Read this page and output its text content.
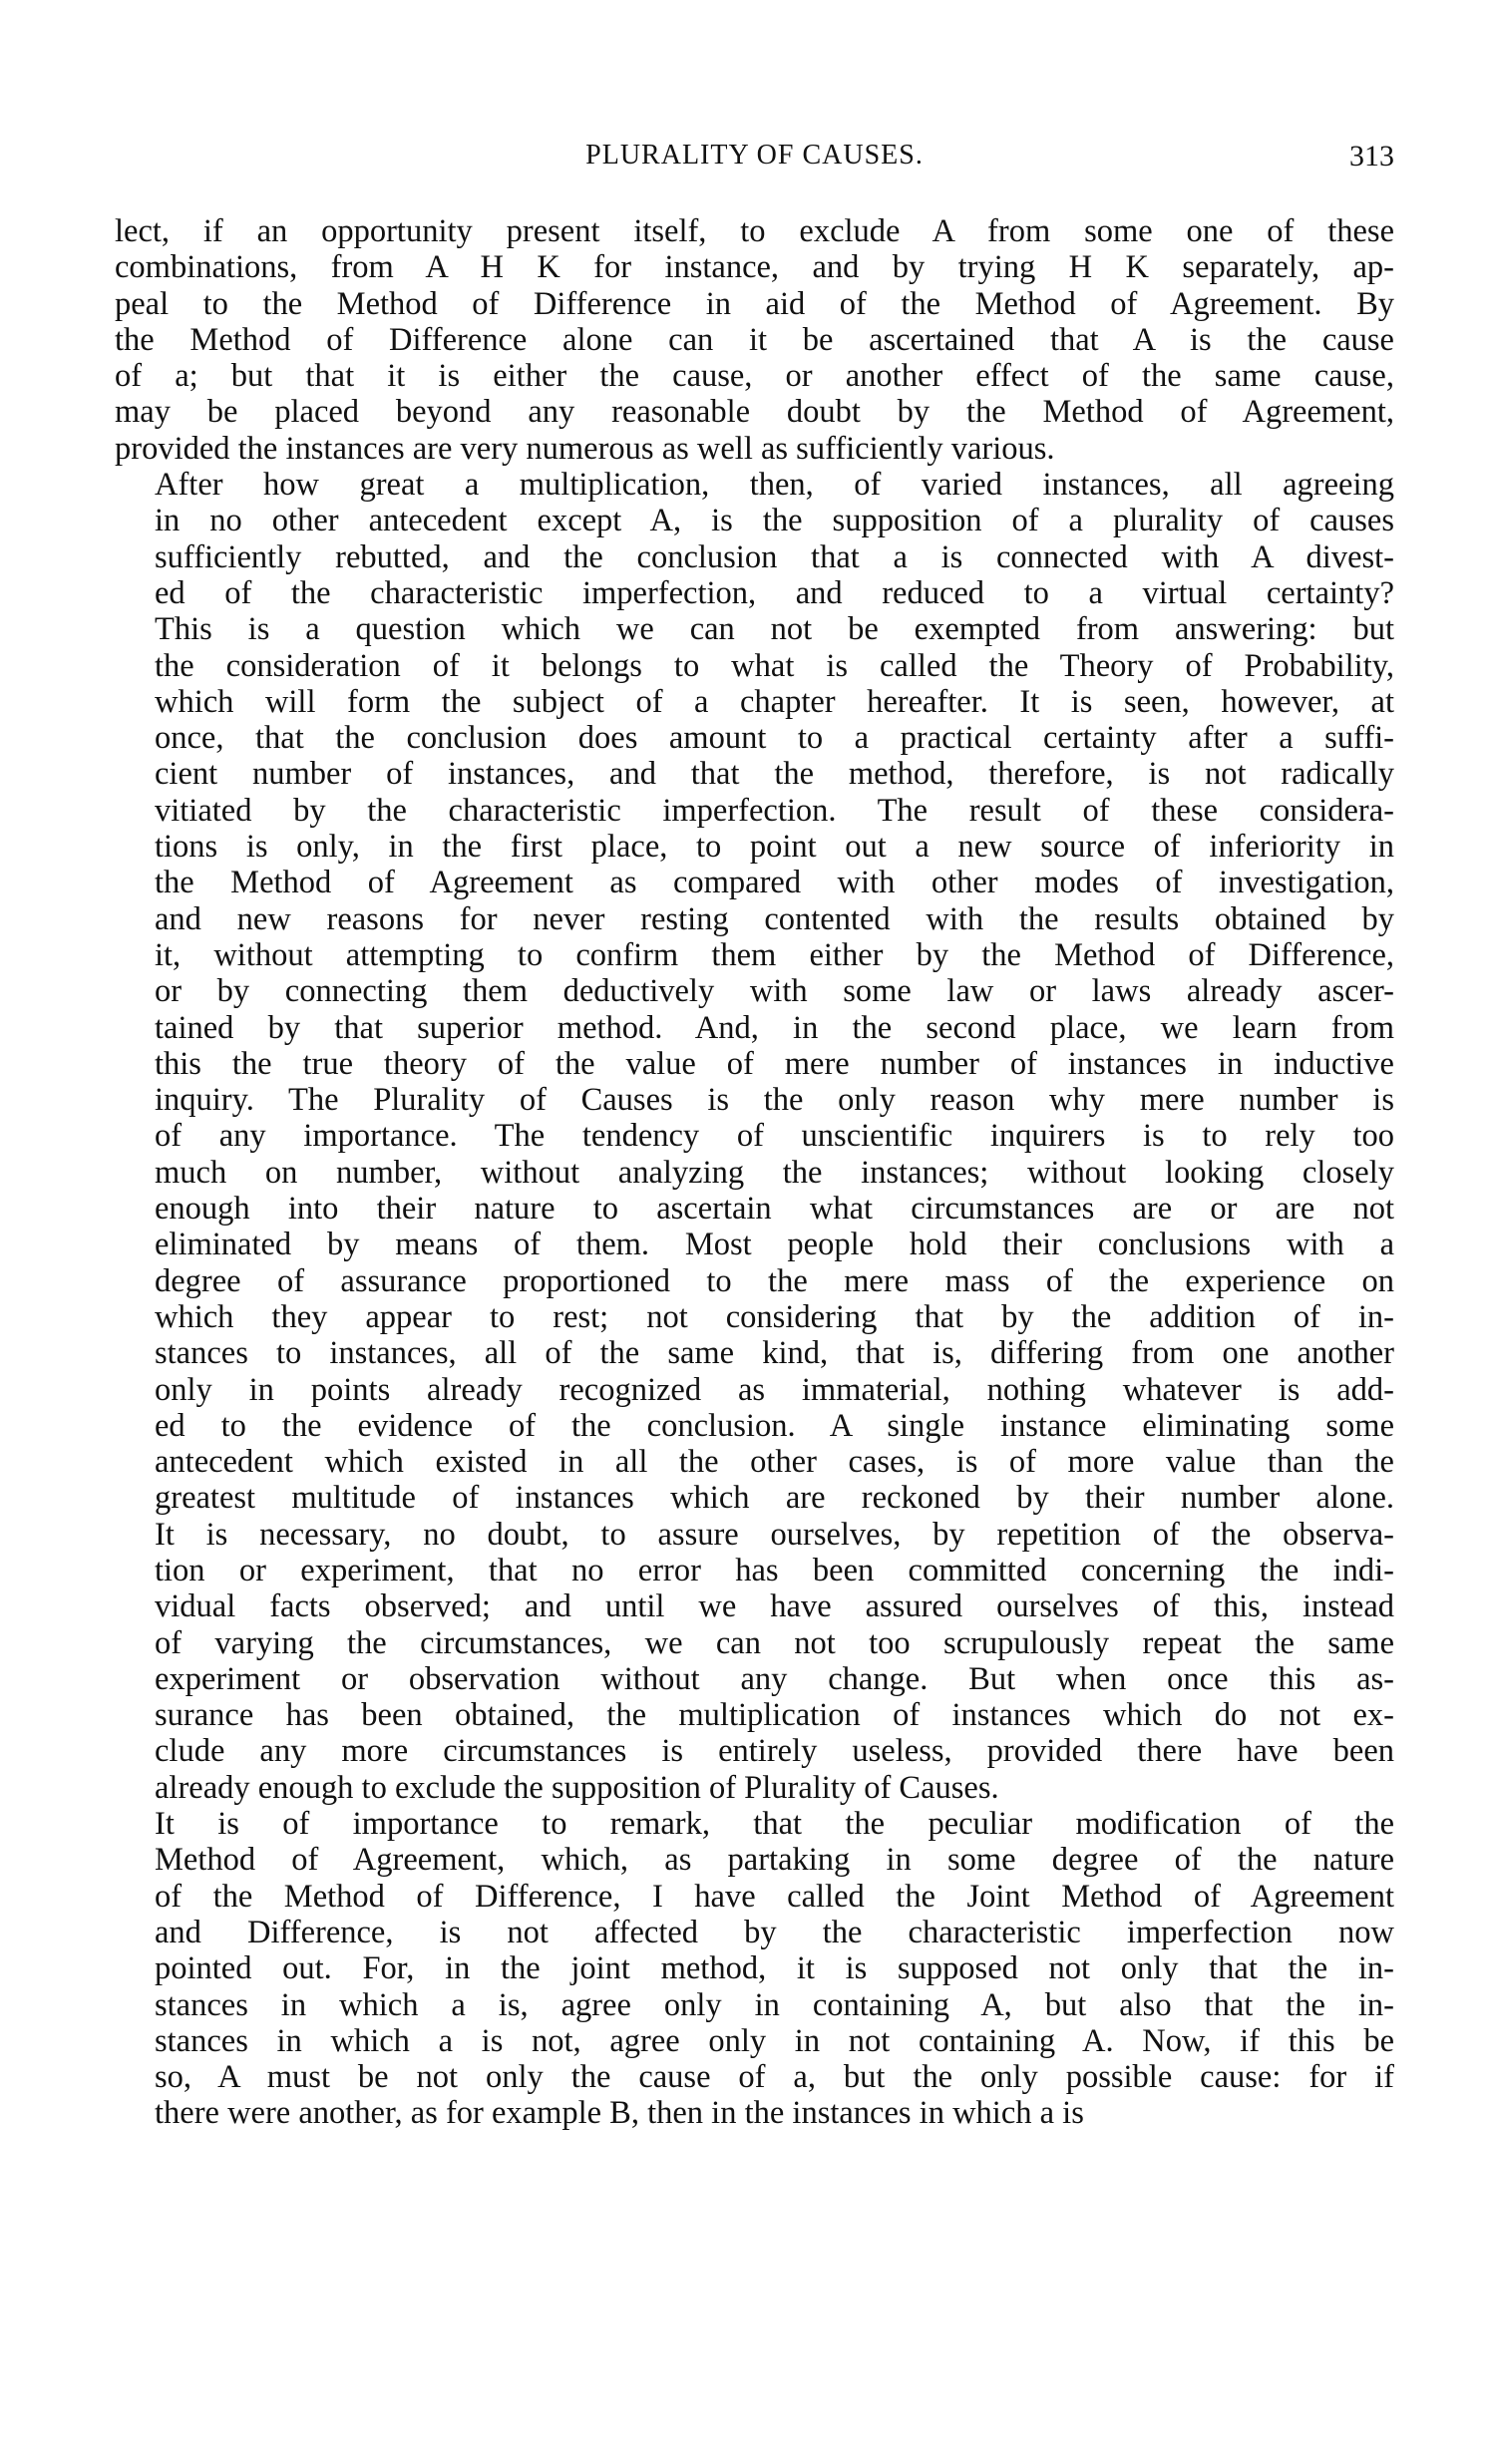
PLURALITY OF CAUSES.	313
lect, if an opportunity present itself, to exclude A from some one of these
combinations, from A H K for instance, and by trying H K separately, ap-
peal to the Method of Difference in aid of the Method of Agreement. By
the Method of Difference alone can it be ascertained that A is the cause
of a; but that it is either the cause, or another effect of the same cause,
may be placed beyond any reasonable doubt by the Method of Agreement,
provided the instances are very numerous as well as sufficiently various.
After how great a multiplication, then, of varied instances, all agreeing
in no other antecedent except A, is the supposition of a plurality of causes
sufficiently rebutted, and the conclusion that a is connected with A divest-
ed of the characteristic imperfection, and reduced to a virtual certainty?
This is a question which we can not be exempted from answering: but
the consideration of it belongs to what is called the Theory of Probability,
which will form the subject of a chapter hereafter. It is seen, however, at
once, that the conclusion does amount to a practical certainty after a suffi-
cient number of instances, and that the method, therefore, is not radically
vitiated by the characteristic imperfection. The result of these considera-
tions is only, in the first place, to point out a new source of inferiority in
the Method of Agreement as compared with other modes of investigation,
and new reasons for never resting contented with the results obtained by
it, without attempting to confirm them either by the Method of Difference,
or by connecting them deductively with some law or laws already ascer-
tained by that superior method. And, in the second place, we learn from
this the true theory of the value of mere number of instances in inductive
inquiry. The Plurality of Causes is the only reason why mere number is
of any importance. The tendency of unscientific inquirers is to rely too
much on number, without analyzing the instances; without looking closely
enough into their nature to ascertain what circumstances are or are not
eliminated by means of them. Most people hold their conclusions with a
degree of assurance proportioned to the mere mass of the experience on
which they appear to rest; not considering that by the addition of in-
stances to instances, all of the same kind, that is, differing from one another
only in points already recognized as immaterial, nothing whatever is add-
ed to the evidence of the conclusion. A single instance eliminating some
antecedent which existed in all the other cases, is of more value than the
greatest multitude of instances which are reckoned by their number alone.
It is necessary, no doubt, to assure ourselves, by repetition of the observa-
tion or experiment, that no error has been committed concerning the indi-
vidual facts observed; and until we have assured ourselves of this, instead
of varying the circumstances, we can not too scrupulously repeat the same
experiment or observation without any change. But when once this as-
surance has been obtained, the multiplication of instances which do not ex-
clude any more circumstances is entirely useless, provided there have been
already enough to exclude the supposition of Plurality of Causes.
It is of importance to remark, that the peculiar modification of the
Method of Agreement, which, as partaking in some degree of the nature
of the Method of Difference, I have called the Joint Method of Agreement
and Difference, is not affected by the characteristic imperfection now
pointed out. For, in the joint method, it is supposed not only that the in-
stances in which a is, agree only in containing A, but also that the in-
stances in which a is not, agree only in not containing A. Now, if this be
so, A must be not only the cause of a, but the only possible cause: for if
there were another, as for example B, then in the instances in which a is
